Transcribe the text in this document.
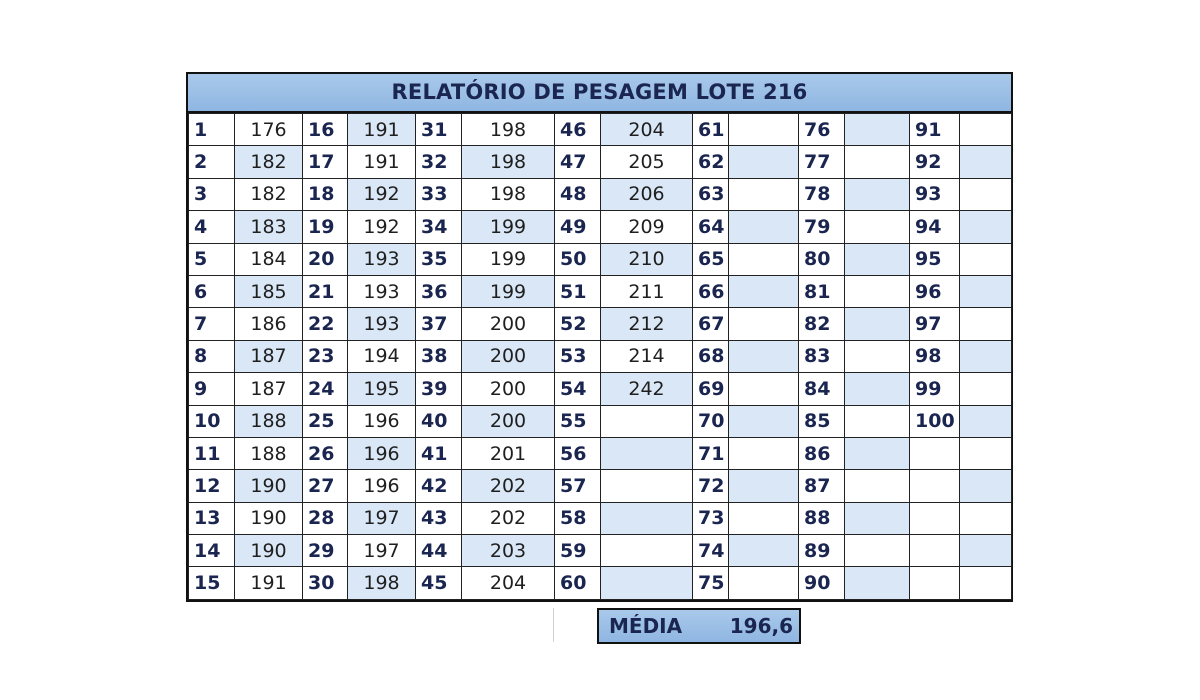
RELATÓRIO DE PESAGEM LOTE 216
1	176	16	191	31	198	46	204	61		76		91	
2	182	17	191	32	198	47	205	62		77		92	
3	182	18	192	33	198	48	206	63		78		93	
4	183	19	192	34	199	49	209	64		79		94	
5	184	20	193	35	199	50	210	65		80		95	
6	185	21	193	36	199	51	211	66		81		96	
7	186	22	193	37	200	52	212	67		82		97	
8	187	23	194	38	200	53	214	68		83		98	
9	187	24	195	39	200	54	242	69		84		99	
10	188	25	196	40	200	55		70		85		100	
11	188	26	196	41	201	56		71		86			
12	190	27	196	42	202	57		72		87			
13	190	28	197	43	202	58		73		88			
14	190	29	197	44	203	59		74		89			
15	191	30	198	45	204	60		75		90			
MÉDIA 196,6
